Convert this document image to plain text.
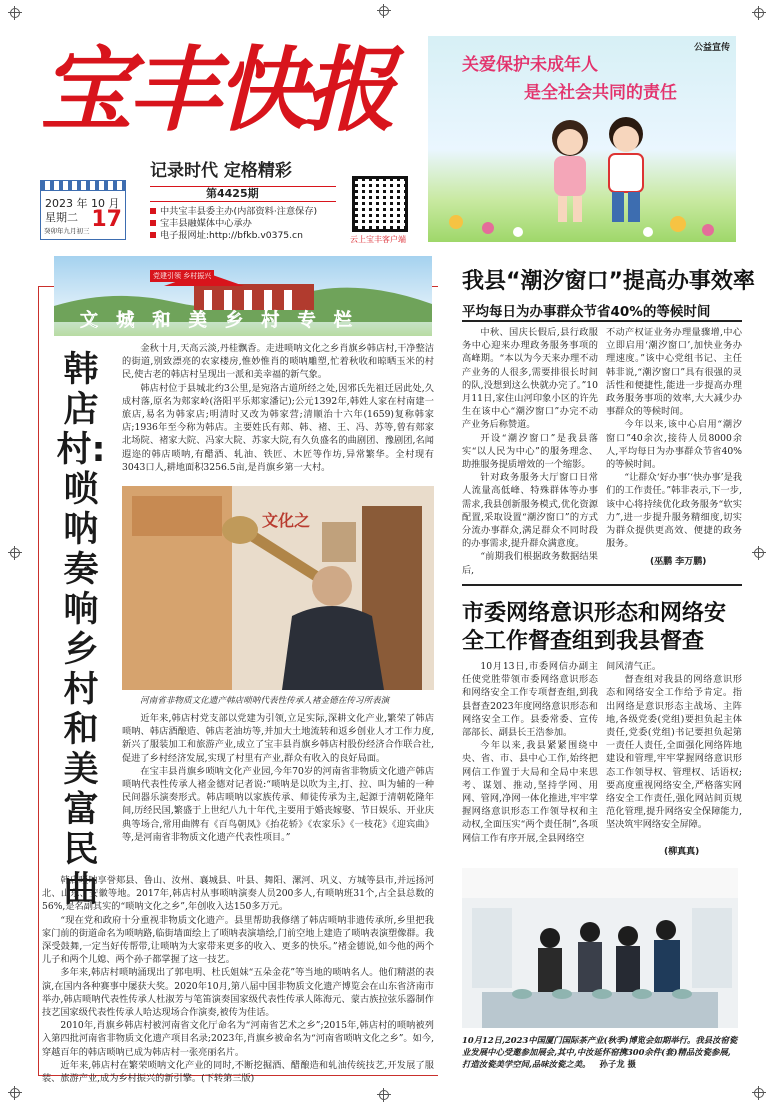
宝丰快报
记录时代 定格精彩
2023 年 10 月
星期二
癸卯年九月初三 17
第4425期
中共宝丰县委主办(内部资料·注意保存)
宝丰县融媒体中心承办
电子报网址:http://bfkb.v0375.cn	云上宝丰客户端
公益宣传
关爱保护未成年人
是全社会共同的责任
党建引领 乡村振兴
文 城 和 美 乡 村 专 栏
韩店村:唢呐奏响乡村和美富民曲

金秋十月,天高云淡,丹桂飘香。走进唢呐文化之乡肖旗乡韩店村,干净整洁的街道,别致漂亮的农家楼房,惟妙惟肖的唢呐雕塑,忙着秋收和晾晒玉米的村民,使古老的韩店村呈现出一派和美幸福的新气象。

韩店村位于县城北约3公里,是宛洛古道所经之处,因邪氏先祖迁居此处,久成村落,原名为郏家岭(洛阳平乐郏家潘记);公元1392年,韩姓人家在村南建一旅店,易名为韩家店;明清时又改为韩家营;清顺治十六年(1659)复称韩家店;1936年至今称为韩店。主要姓氏有郏、韩、褚、王、冯、苏等,曾有郏家北场院、褚家大院、冯家大院、苏家大院,有久负盛名的曲剧团、豫剧团,名闻遐迩的韩店唢呐,有醋酒、轧油、铁匠、木匠等作坊,异常繁华。全村现有3043口人,耕地面积3256.5亩,是肖旗乡第一大村。

文化之
河南省非物质文化遗产韩店唢呐代表性传承人褚金德在传习所表演

近年来,韩店村党支部以党建为引领,立足实际,深耕文化产业,繁荣了韩店唢呐、韩店酒酿造、韩店老油坊等,并加大土地流转和返乡创业人才工作力度,新兴了服装加工和旅游产业,成立了宝丰县肖旗乡韩店村股份经济合作联合社,促进了乡村经济发展,实现了村里有产业,群众有收入的良好局面。

在宝丰县肖旗乡唢呐文化产业园,今年70岁的河南省非物质文化遗产韩店唢呐代表性传承人褚金德对记者说:“唢呐是以吹为主,打、拉、叫为辅的一种民间器乐演奏形式。韩店唢呐以家族传承、师徒传承为主,起源于清朝乾隆年间,历经民国,繁盛于上世纪八九十年代,主要用于婚丧嫁娶、节日娱乐、开业庆典等场合,常用曲牌有《百鸟朝凤》《抬花轿》《农家乐》《一枝花》《迎宾曲》等,是河南省非物质文化遗产代表性项目。”

韩店唢呐享誉郏县、鲁山、汝州、襄城县、叶县、舞阳、漯河、巩义、方城等县市,并远扬河北、山东、安徽等地。2017年,韩店村从事唢呐演奏人员200多人,有唢呐班31个,占全县总数的56%,是名副其实的“唢呐文化之乡”,年创收入达150多万元。

“现在党和政府十分重视非物质文化遗产。县里帮助我修缮了韩店唢呐非遗传承所,乡里把我家门前的街道命名为唢呐路,临街墙面绘上了唢呐表演墙绘,门前空地上建造了唢呐表演塑像群。我深受鼓舞,一定当好传帮带,让唢呐为大家带来更多的收入、更多的快乐。”褚金德说,如今他的两个儿子和两个儿媳、两个孙子都掌握了这一技艺。

多年来,韩店村唢呐涌现出了郭电明、杜氏姐妹“五朵金花”等当地的唢呐名人。他们精湛的表演,在国内各种赛事中屡获大奖。2020年10月,第八届中国非物质文化遗产博览会在山东省济南市举办,韩店唢呐代表性传承人杜淑芳与笔笛演奏国家级代表性传承人陈海元、蒙古族拉弦乐器制作技艺国家级代表性传承人哈达现场合作演奏,被传为佳话。

2010年,肖旗乡韩店村被河南省文化厅命名为“河南省艺术之乡”;2015年,韩店村的唢呐被列入第四批河南省非物质文化遗产项目名录;2023年,肖旗乡被命名为“河南省唢呐文化之乡”。如今,穿越百年的韩店唢呐已成为韩店村一张亮丽名片。

近年来,韩店村在繁荣唢呐文化产业的同时,不断挖掘酒、醋酿造和轧油传统技艺,开发展了服装、旅游产业,成为乡村振兴的新引擎。(下转第三版)

我县“潮汐窗口”提高办事效率
平均每日为办事群众节省40%的等候时间

中秋、国庆长假后,县行政服务中心迎来办理政务服务事项的高峰期。“本以为今天来办理不动产业务的人很多,需要排很长时间的队,没想到这么快就办完了。”10月11日,家住山河印象小区的许先生在该中心“潮汐窗口”办完不动产业务后称赞道。

开设“潮汐窗口”是我县落实“以人民为中心”的服务理念、助推服务提质增效的一个缩影。

针对政务服务大厅窗口日常人流量高低峰、特殊群体等办事需求,我县创新服务模式,优化资源配置,采取设置“潮汐窗口”的方式分流办事群众,满足群众不同时段的办事需求,提升群众满意度。

“前期我们根据政务数据结果后,

不动产权证业务办理量骤增,中心立即启用‘潮汐窗口’,加快业务办理速度。”该中心党组书记、主任韩非说,“潮汐窗口”具有很强的灵活性和便捷性,能进一步提高办理政务服务事项的效率,大大减少办事群众的等候时间。

今年以来,该中心启用“潮汐窗口”40余次,接待人员8000余人,平均每日为办事群众节省40%的等候时间。

“让群众‘好办事’‘快办事’是我们的工作责任。”韩非表示,下一步,该中心将持续优化政务服务“软实力”,进一步提升服务精细度,切实为群众提供更高效、便捷的政务服务。

(巫鹏 李万鹏)
市委网络意识形态和网络安全工作督查组到我县督查

10月13日,市委网信办副主任使党胜带领市委网络意识形态和网络安全工作专项督查组,到我县督查2023年度网络意识形态和网络安全工作。县委常委、宣传部部长、副县长王浩参加。

今年以来,我县紧紧围绕中央、省、市、县中心工作,始终把网信工作置于大局和全局中来思考、谋划、推动,坚持学网、用网、管网,净网一体化推进,牢牢掌握网络意识形态工作领导权和主动权,全面压实“两个责任制”,各项网信工作有序开展,全县网络空

间风清气正。

督查组对我县的网络意识形态和网络安全工作给予肯定。指出网络是意识形态主战场、主阵地,各级党委(党组)要担负起主体责任,党委(党组)书记要担负起第一责任人责任,全面强化网络阵地建设和管理,牢牢掌握网络意识形态工作领导权、管理权、话语权;要高度重视网络安全,严格落实网络安全工作责任,强化网站间页规范化管理,提升网络安全保障能力,坚决筑牢网络安全屏障。

(柳真真)
10月12日,2023中国厦门国际茶产业(秋季)博览会如期举行。我县汝窑瓷业发展中心受邀参加展会,其中,中汝延怀窑携300余件(套)精品汝瓷参展,打造汝瓷美学空间,品味汝瓷之美。 孙子龙 摄
